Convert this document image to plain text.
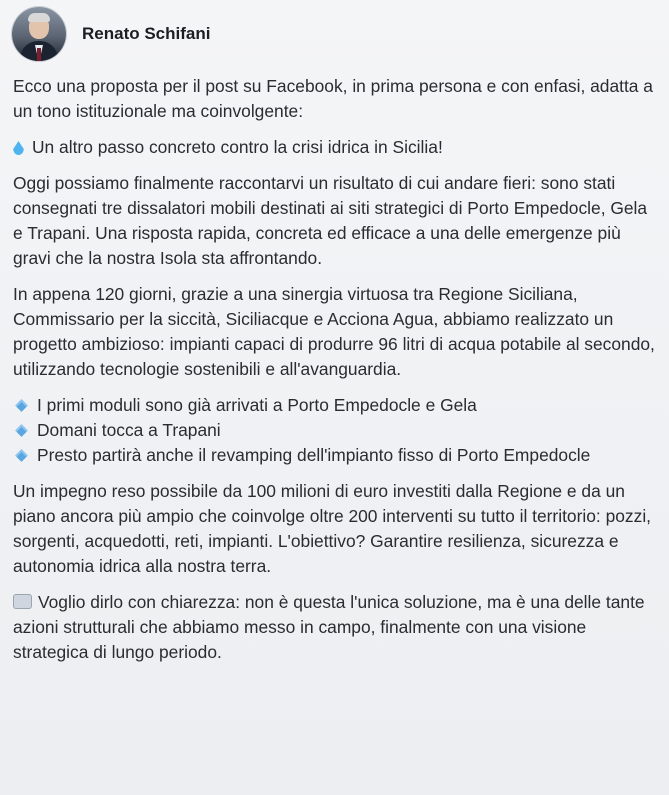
Renato Schifani

Ecco una proposta per il post su Facebook, in prima persona e con enfasi, adatta a un tono istituzionale ma coinvolgente:

Un altro passo concreto contro la crisi idrica in Sicilia!

Oggi possiamo finalmente raccontarvi un risultato di cui andare fieri: sono stati consegnati tre dissalatori mobili destinati ai siti strategici di Porto Empedocle, Gela e Trapani. Una risposta rapida, concreta ed efficace a una delle emergenze più gravi che la nostra Isola sta affrontando.

In appena 120 giorni, grazie a una sinergia virtuosa tra Regione Siciliana, Commissario per la siccità, Siciliacque e Acciona Agua, abbiamo realizzato un progetto ambizioso: impianti capaci di produrre 96 litri di acqua potabile al secondo, utilizzando tecnologie sostenibili e all'avanguardia.

I primi moduli sono già arrivati a Porto Empedocle e Gela

Domani tocca a Trapani

Presto partirà anche il revamping dell'impianto fisso di Porto Empedocle

Un impegno reso possibile da 100 milioni di euro investiti dalla Regione e da un piano ancora più ampio che coinvolge oltre 200 interventi su tutto il territorio: pozzi, sorgenti, acquedotti, reti, impianti. L'obiettivo? Garantire resilienza, sicurezza e autonomia idrica alla nostra terra.

Voglio dirlo con chiarezza: non è questa l'unica soluzione, ma è una delle tante azioni strutturali che abbiamo messo in campo, finalmente con una visione strategica di lungo periodo.
